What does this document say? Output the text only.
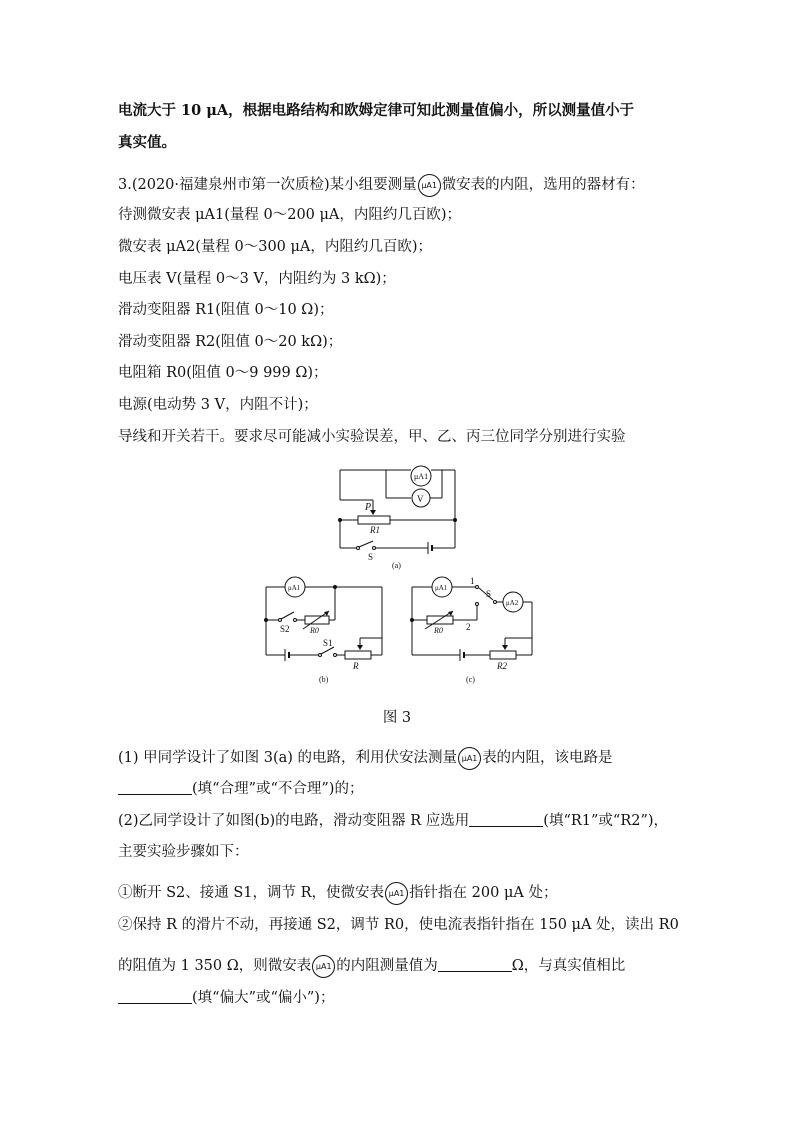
电流大于 10 μA，根据电路结构和欧姆定律可知此测量值偏小，所以测量值小于
真实值。
3.(2020·福建泉州市第一次质检)某小组要测量 μA1 微安表的内阻，选用的器材有：
待测微安表 μA1(量程 0～200 μA，内阻约几百欧)；
微安表 μA2(量程 0～300 μA，内阻约几百欧)；
电压表 V(量程 0～3 V，内阻约为 3 kΩ)；
滑动变阻器 R1(阻值 0～10 Ω)；
滑动变阻器 R2(阻值 0～20 kΩ)；
电阻箱 R0(阻值 0～9 999 Ω)；
电源(电动势 3 V，内阻不计)；
导线和开关若干。要求尽可能减小实验误差，甲、乙、丙三位同学分别进行实验
μA1
V
P
R1
S
(a)
μA1
S2	R0
S1
R
(b)
μA1
μA2
1
S
2
R0
R2
(c)
图 3
(1) 甲同学设计了如图 3(a) 的电路，利用伏安法测量 μA1 表的内阻，该电路是
(填“合理”或“不合理”)的；
(2)乙同学设计了如图(b)的电路，滑动变阻器 R 应选用	(填“R1”或“R2”)，
主要实验步骤如下：
①断开 S2、接通 S1，调节 R，使微安表 μA1 指针指在 200 μA 处；
②保持 R 的滑片不动，再接通 S2，调节 R0，使电流表指针指在 150 μA 处，读出 R0
的阻值为 1 350 Ω，则微安表 μA1 的内阻测量值为	Ω，与真实值相比
(填“偏大”或“偏小”)；
